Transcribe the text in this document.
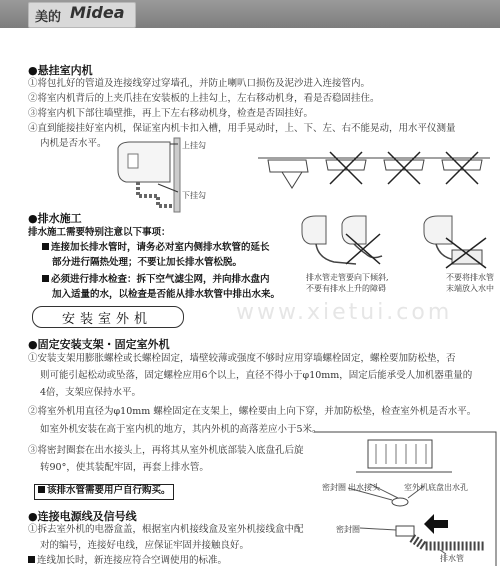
美的 Midea
www.xietui.com
●悬挂室内机
①将包扎好的管道及连接线穿过穿墙孔，并防止喇叭口损伤及泥沙进入连接管内。
②将室内机背后的上夹爪挂在安装板的上挂勾上，左右移动机身，看是否稳固挂住。
③将室内机下部往墙壁推，再上下左右移动机身，检查是否固挂好。
④直到能接挂好室内机，保证室内机卡扣入槽，用手晃动时，上、下、左、右不能晃动，用水平仪测量
内机是否水平。	上挂勾
下挂勾
●排水施工
排水施工需要特别注意以下事项：
连接加长排水管时，请务必对室内侧排水软管的延长
部分进行隔热处理；不要让加长排水管松脱。
必须进行排水检查：拆下空气滤尘网，并向排水盘内
加入适量的水，以检查是否能从排水软管中排出水来。
排水管走管要向下倾斜,
不要有排水上升的障碍
不要将排水管
末端放入水中
安装室外机
●固定安装支架・固定室外机
①安装支架用膨胀螺栓或长螺栓固定，墙壁较薄或强度不够时应用穿墙螺栓固定，螺栓要加防松垫，否
则可能引起松动或坠落，固定螺栓应用6个以上，直径不得小于φ10mm，固定后能承受人加机器重量的
4倍，支架应保持水平。
②将室外机用直径为φ10mm 螺栓固定在支架上，螺栓要由上向下穿，并加防松垫，检查室外机是否水平。
如室外机安装在高于室内机的地方，其内外机的高落差应小于5米。
③将密封圈套在出水接头上，再将其从室外机底部装入底盘孔后旋
转90°，使其装配牢固，再套上排水管。
该排水管需要用户自行购买。
●连接电源线及信号线
①拆去室外机的电器盒盖，根据室内机接线盒及室外机接线盒中配
对的编号，连接好电线，应保证牢固并接触良好。
连线加长时，新连接应符合空调使用的标准。
密封圈 出水接头	室外机底盘出水孔
密封圈
排水管
